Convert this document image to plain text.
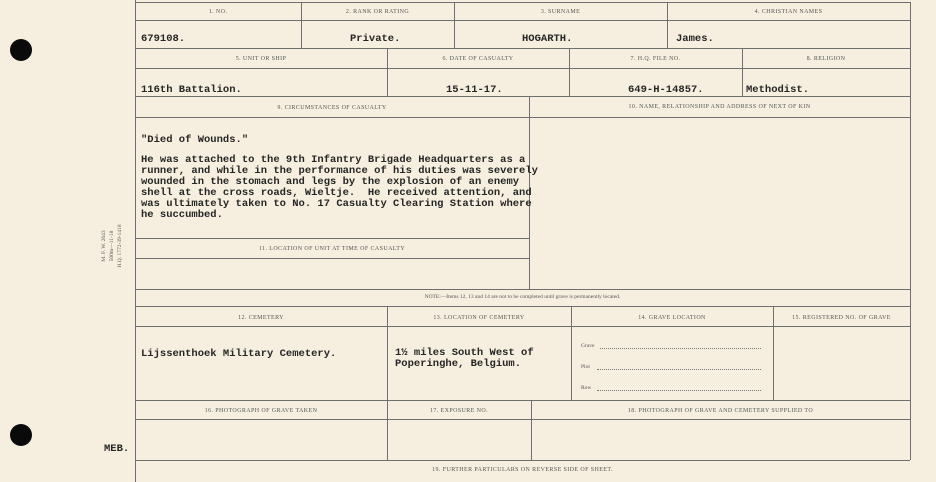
M. F. W. 2643 500m—11-18 H.Q. 1772-39-1418
1. NO.	2. RANK OR RATING	3. SURNAME	4. CHRISTIAN NAMES
679108.	Private.	HOGARTH.	James.
5. UNIT OR SHIP	6. DATE OF CASUALTY	7. H.Q. FILE NO.	8. RELIGION
116th Battalion.	15-11-17.	649-H-14857.	Methodist.
9. CIRCUMSTANCES OF CASUALTY	10. NAME, RELATIONSHIP AND ADDRESS OF NEXT OF KIN
"Died of Wounds."
He was attached to the 9th Infantry Brigade Headquarters as a
runner, and while in the performance of his duties was severely
wounded in the stomach and legs by the explosion of an enemy
shell at the cross roads, Wieltje.  He received attention, and
was ultimately taken to No. 17 Casualty Clearing Station where
he succumbed.
11. LOCATION OF UNIT AT TIME OF CASUALTY
NOTE:—Items 12, 13 and 14 are not to be completed until grave is permanently located.
12. CEMETERY	13. LOCATION OF CEMETERY	14. GRAVE LOCATION	15. REGISTERED NO. OF GRAVE
Lijssenthoek Military Cemetery.	1½ miles South West of
Poperinghe, Belgium.
Grave
Plot
Row
16. PHOTOGRAPH OF GRAVE TAKEN	17. EXPOSURE NO.	18. PHOTOGRAPH OF GRAVE AND CEMETERY SUPPLIED TO
MEB.
19. FURTHER PARTICULARS ON REVERSE SIDE OF SHEET.
